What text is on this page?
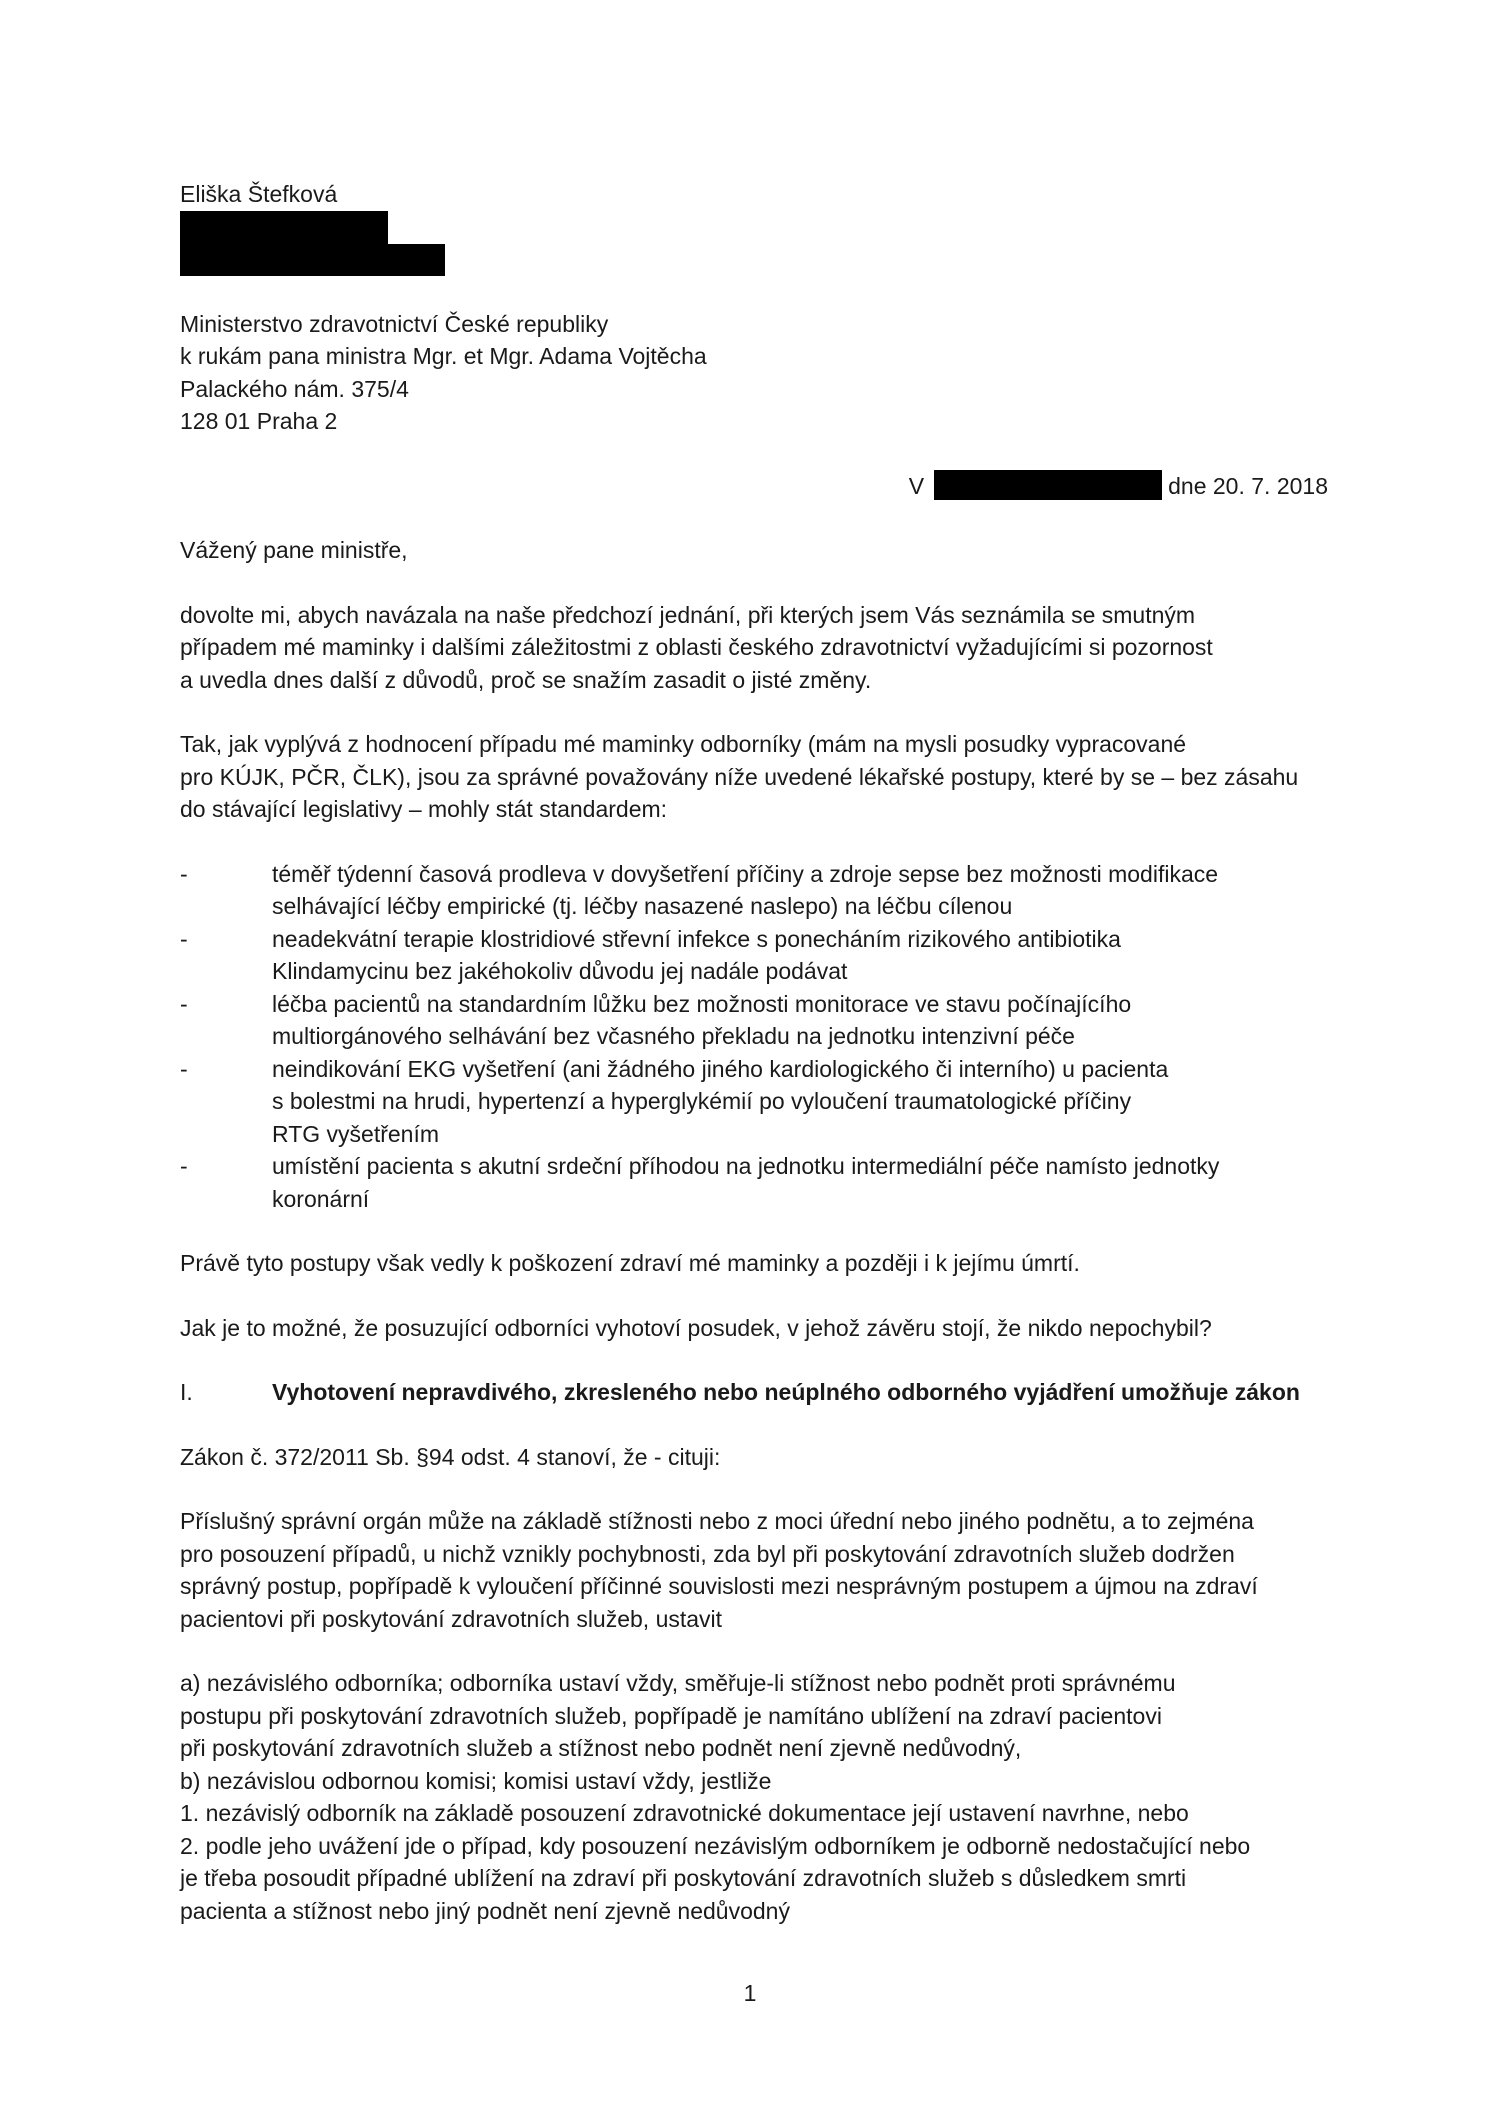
Eliška Štefková
Ministerstvo zdravotnictví České republiky
k rukám pana ministra Mgr. et Mgr. Adama Vojtěcha
Palackého nám. 375/4
128 01 Praha 2
V	dne 20. 7. 2018
Vážený pane ministře,
dovolte mi, abych navázala na naše předchozí jednání, při kterých jsem Vás seznámila se smutným
případem mé maminky i dalšími záležitostmi z oblasti českého zdravotnictví vyžadujícími si pozornost
a uvedla dnes další z důvodů, proč se snažím zasadit o jisté změny.
Tak, jak vyplývá z hodnocení případu mé maminky odborníky (mám na mysli posudky vypracované
pro KÚJK, PČR, ČLK), jsou za správné považovány níže uvedené lékařské postupy, které by se – bez zásahu
do stávající legislativy – mohly stát standardem:
-	téměř týdenní časová prodleva v dovyšetření příčiny a zdroje sepse bez možnosti modifikace
selhávající léčby empirické (tj. léčby nasazené naslepo) na léčbu cílenou
-	neadekvátní terapie klostridiové střevní infekce s ponecháním rizikového antibiotika
Klindamycinu bez jakéhokoliv důvodu jej nadále podávat
-	léčba pacientů na standardním lůžku bez možnosti monitorace ve stavu počínajícího
multiorgánového selhávání bez včasného překladu na jednotku intenzivní péče
-	neindikování EKG vyšetření (ani žádného jiného kardiologického či interního) u pacienta
s bolestmi na hrudi, hypertenzí a hyperglykémií po vyloučení traumatologické příčiny
RTG vyšetřením
-	umístění pacienta s akutní srdeční příhodou na jednotku intermediální péče namísto jednotky
koronární
Právě tyto postupy však vedly k poškození zdraví mé maminky a později i k jejímu úmrtí.
Jak je to možné, že posuzující odborníci vyhotoví posudek, v jehož závěru stojí, že nikdo nepochybil?
I.	Vyhotovení nepravdivého, zkresleného nebo neúplného odborného vyjádření umožňuje zákon
Zákon č. 372/2011 Sb. §94 odst. 4 stanoví, že - cituji:
Příslušný správní orgán může na základě stížnosti nebo z moci úřední nebo jiného podnětu, a to zejména
pro posouzení případů, u nichž vznikly pochybnosti, zda byl při poskytování zdravotních služeb dodržen
správný postup, popřípadě k vyloučení příčinné souvislosti mezi nesprávným postupem a újmou na zdraví
pacientovi při poskytování zdravotních služeb, ustavit
a) nezávislého odborníka; odborníka ustaví vždy, směřuje-li stížnost nebo podnět proti správnému
postupu při poskytování zdravotních služeb, popřípadě je namítáno ublížení na zdraví pacientovi
při poskytování zdravotních služeb a stížnost nebo podnět není zjevně nedůvodný,
b) nezávislou odbornou komisi; komisi ustaví vždy, jestliže
1. nezávislý odborník na základě posouzení zdravotnické dokumentace její ustavení navrhne, nebo
2. podle jeho uvážení jde o případ, kdy posouzení nezávislým odborníkem je odborně nedostačující nebo
je třeba posoudit případné ublížení na zdraví při poskytování zdravotních služeb s důsledkem smrti
pacienta a stížnost nebo jiný podnět není zjevně nedůvodný
1
